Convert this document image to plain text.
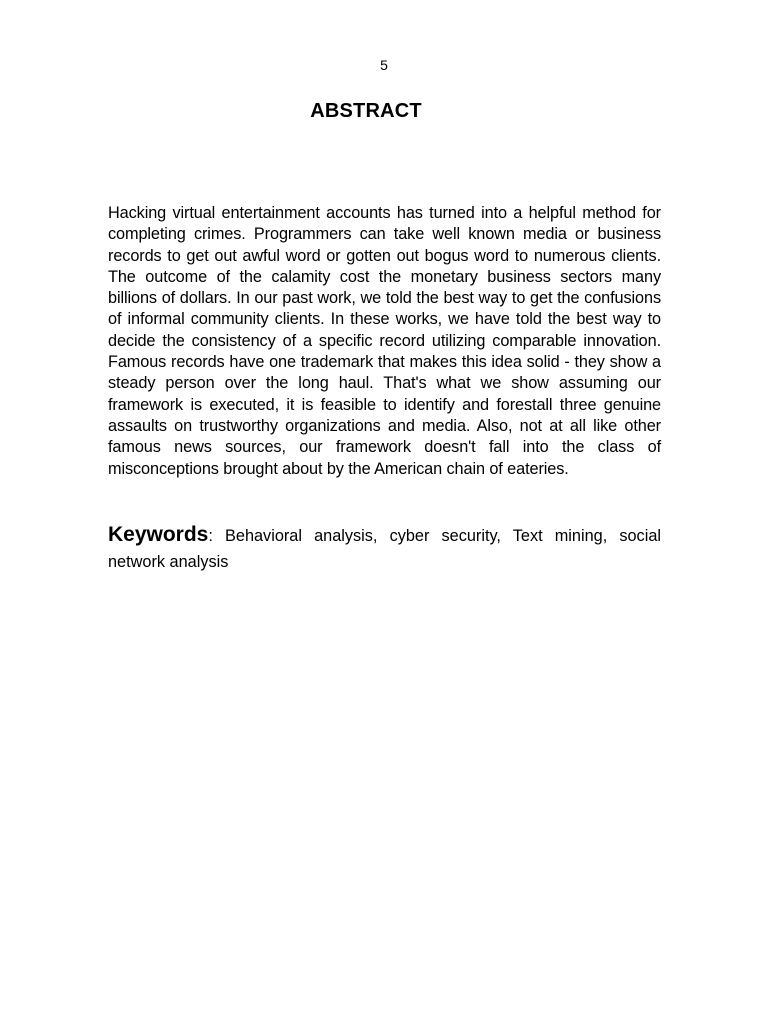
5
ABSTRACT

Hacking virtual entertainment accounts has turned into a helpful method for completing crimes. Programmers can take well known media or business records to get out awful word or gotten out bogus word to numerous clients. The outcome of the calamity cost the monetary business sectors many billions of dollars. In our past work, we told the best way to get the confusions of informal community clients. In these works, we have told the best way to decide the consistency of a specific record utilizing comparable innovation. Famous records have one trademark that makes this idea solid - they show a steady person over the long haul. That's what we show assuming our framework is executed, it is feasible to identify and forestall three genuine assaults on trustworthy organizations and media. Also, not at all like other famous news sources, our framework doesn't fall into the class of misconceptions brought about by the American chain of eateries.

Keywords: Behavioral analysis, cyber security, Text mining, social network analysis
